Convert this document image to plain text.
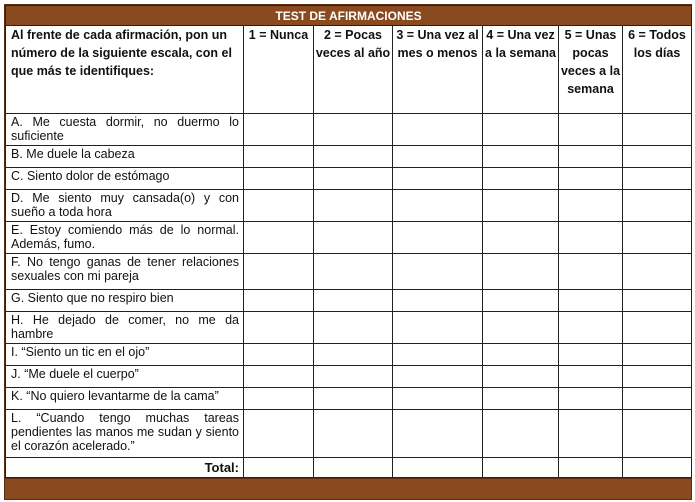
TEST DE AFIRMACIONES						
Al frente de cada afirmación, pon un número de la siguiente escala, con el que más te identifiques:	1 = Nunca	2 = Pocas veces al año	3 = Una vez al mes o menos	4 = Una vez a la semana	5 = Unas pocas veces a la semana	6 = Todos los días
A. Me cuesta dormir, no duermo lo suficiente						
B. Me duele la cabeza						
C. Siento dolor de estómago						
D. Me siento muy cansada(o) y con sueño a toda hora						
E. Estoy comiendo más de lo normal. Además, fumo.						
F. No tengo ganas de tener relaciones sexuales con mi pareja						
G. Siento que no respiro bien						
H. He dejado de comer, no me da hambre						
I. “Siento un tic en el ojo”						
J. “Me duele el cuerpo”						
K. “No quiero levantarme de la cama”						
L. “Cuando tengo muchas tareas pendientes las manos me sudan y siento el corazón acelerado.”						
Total:						
